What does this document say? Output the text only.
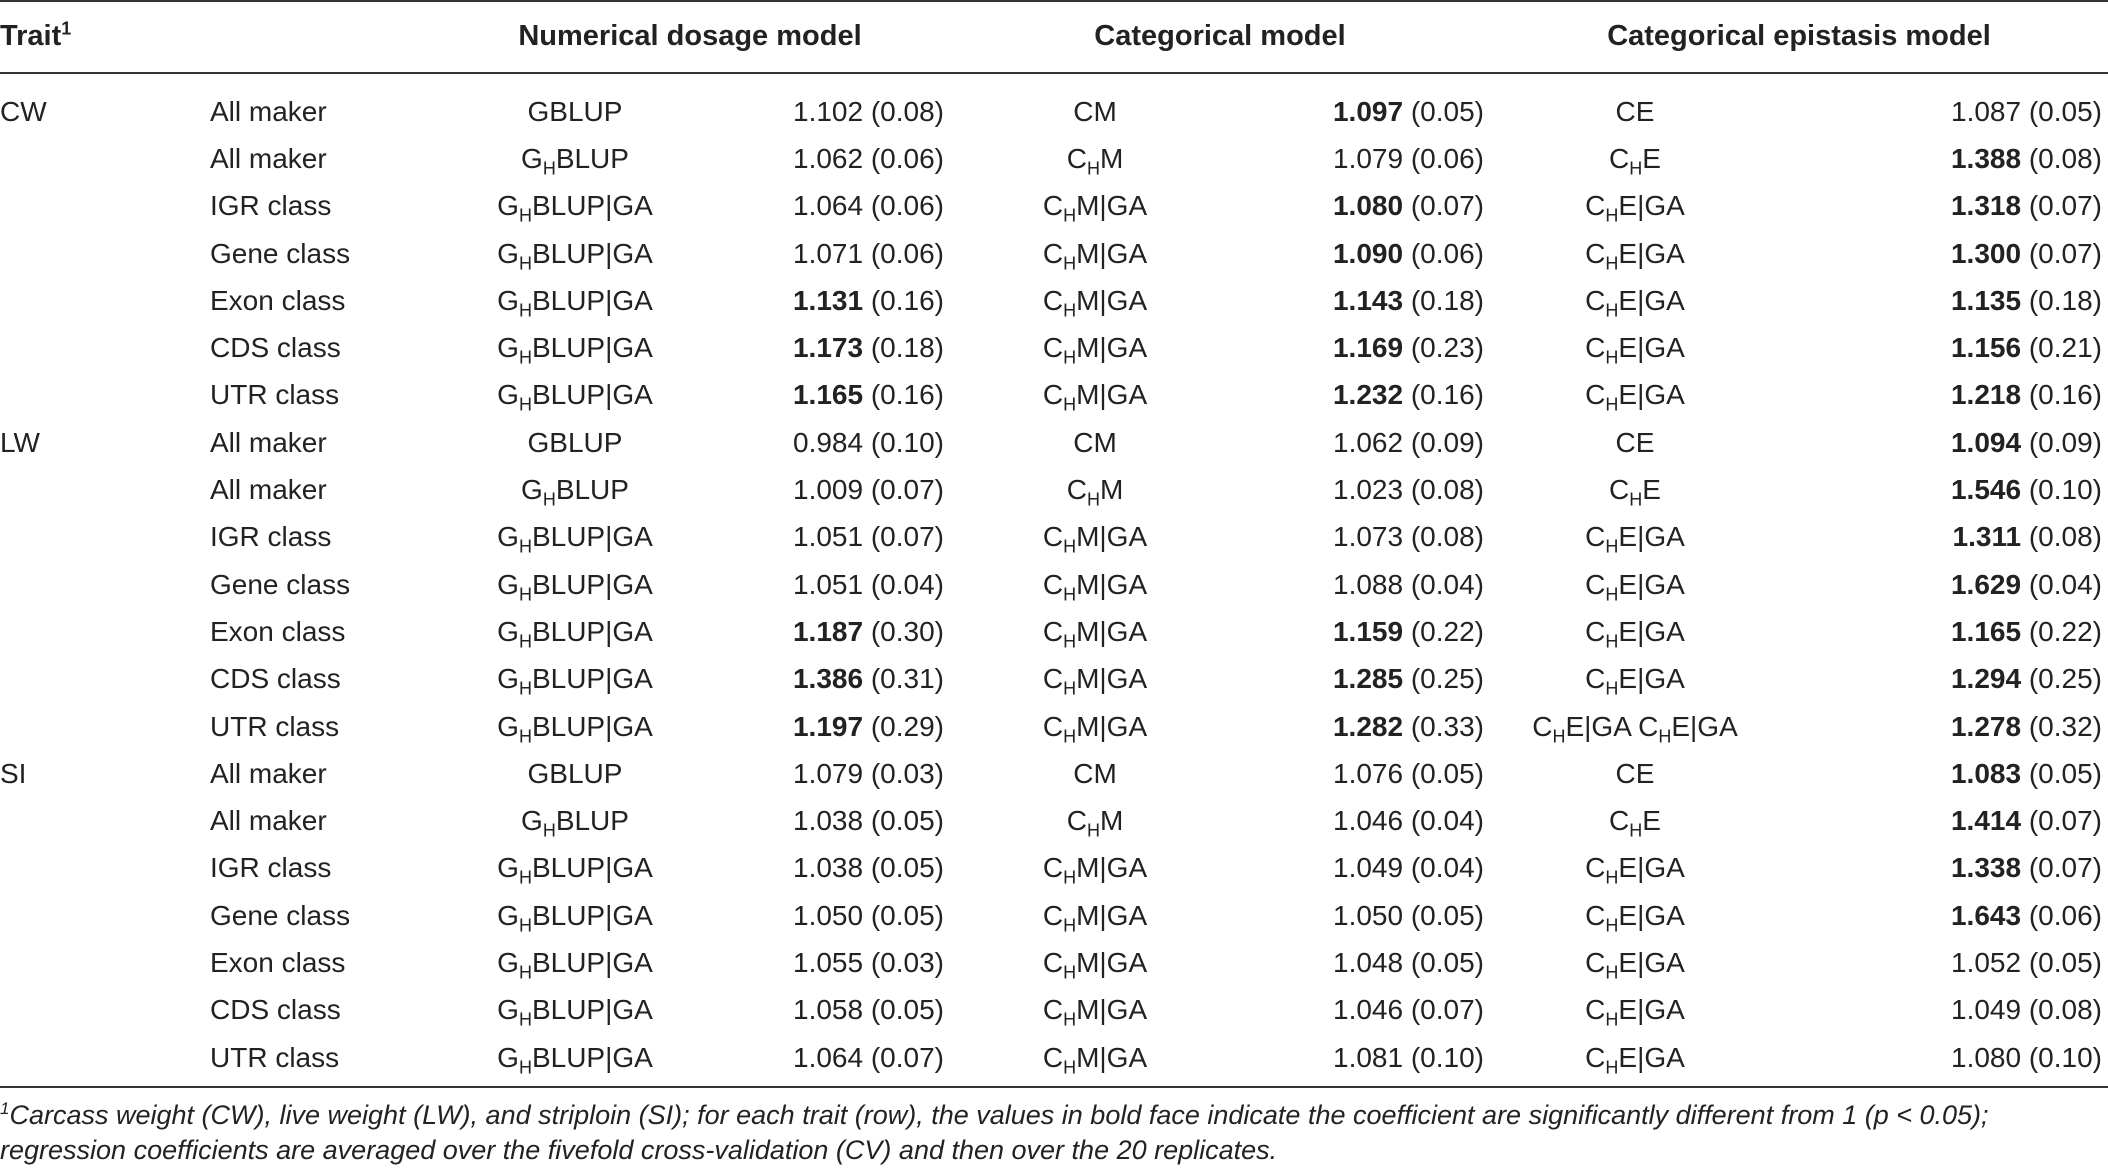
Trait$^1$		Numerical dosage model		Categorical model		Categorical epistasis model	
CW	All maker	GBLUP	1.102 (0.08)	CM	1.097 (0.05)	CE	1.087 (0.05)
	All maker	$G_HBLUP$	1.062 (0.06)	$C_HM$	1.079 (0.06)	$C_HE$	1.388 (0.08)
	IGR class	$G_HBLUP|GA$	1.064 (0.06)	$C_HM|GA$	1.080 (0.07)	$C_HE|GA$	1.318 (0.07)
	Gene class	$G_HBLUP|GA$	1.071 (0.06)	$C_HM|GA$	1.090 (0.06)	$C_HE|GA$	1.300 (0.07)
	Exon class	$G_HBLUP|GA$	1.131 (0.16)	$C_HM|GA$	1.143 (0.18)	$C_HE|GA$	1.135 (0.18)
	CDS class	$G_HBLUP|GA$	1.173 (0.18)	$C_HM|GA$	1.169 (0.23)	$C_HE|GA$	1.156 (0.21)
	UTR class	$G_HBLUP|GA$	1.165 (0.16)	$C_HM|GA$	1.232 (0.16)	$C_HE|GA$	1.218 (0.16)
LW	All maker	GBLUP	0.984 (0.10)	CM	1.062 (0.09)	CE	1.094 (0.09)
	All maker	$G_HBLUP$	1.009 (0.07)	$C_HM$	1.023 (0.08)	$C_HE$	1.546 (0.10)
	IGR class	$G_HBLUP|GA$	1.051 (0.07)	$C_HM|GA$	1.073 (0.08)	$C_HE|GA$	1.311 (0.08)
	Gene class	$G_HBLUP|GA$	1.051 (0.04)	$C_HM|GA$	1.088 (0.04)	$C_HE|GA$	1.629 (0.04)
	Exon class	$G_HBLUP|GA$	1.187 (0.30)	$C_HM|GA$	1.159 (0.22)	$C_HE|GA$	1.165 (0.22)
	CDS class	$G_HBLUP|GA$	1.386 (0.31)	$C_HM|GA$	1.285 (0.25)	$C_HE|GA$	1.294 (0.25)
	UTR class	$G_HBLUP|GA$	1.197 (0.29)	$C_HM|GA$	1.282 (0.33)	$C_HE|GA$ $C_HE|GA$	1.278 (0.32)
SI	All maker	GBLUP	1.079 (0.03)	CM	1.076 (0.05)	CE	1.083 (0.05)
	All maker	$G_HBLUP$	1.038 (0.05)	$C_HM$	1.046 (0.04)	$C_HE$	1.414 (0.07)
	IGR class	$G_HBLUP|GA$	1.038 (0.05)	$C_HM|GA$	1.049 (0.04)	$C_HE|GA$	1.338 (0.07)
	Gene class	$G_HBLUP|GA$	1.050 (0.05)	$C_HM|GA$	1.050 (0.05)	$C_HE|GA$	1.643 (0.06)
	Exon class	$G_HBLUP|GA$	1.055 (0.03)	$C_HM|GA$	1.048 (0.05)	$C_HE|GA$	1.052 (0.05)
	CDS class	$G_HBLUP|GA$	1.058 (0.05)	$C_HM|GA$	1.046 (0.07)	$C_HE|GA$	1.049 (0.08)
	UTR class	$G_HBLUP|GA$	1.064 (0.07)	$C_HM|GA$	1.081 (0.10)	$C_HE|GA$	1.080 (0.10)
$^1$Carcass weight (CW), live weight (LW), and striploin (SI); for each trait (row), the values in bold face indicate the coefficient are significantly different from 1 (p < 0.05); regression coefficients are averaged over the fivefold cross-validation (CV) and then over the 20 replicates.
